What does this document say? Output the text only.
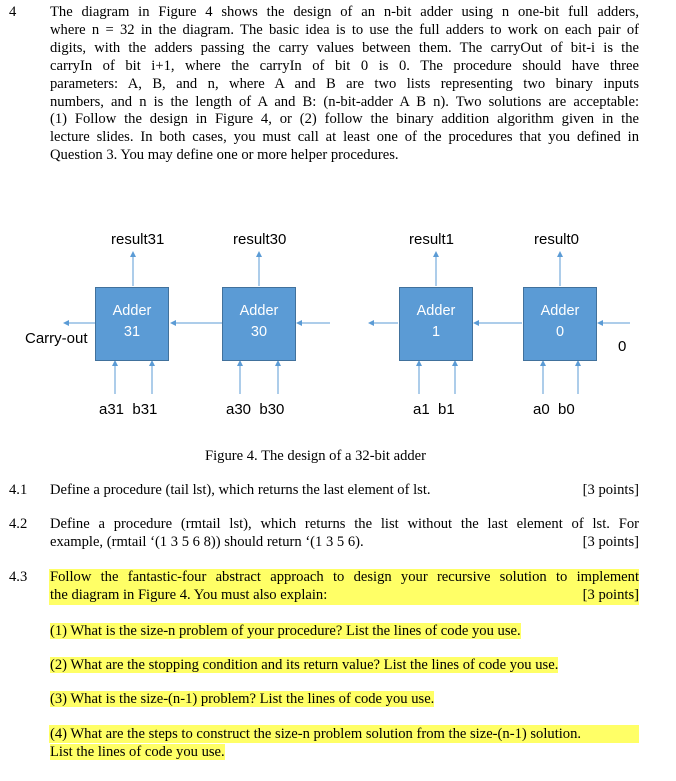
4 The diagram in Figure 4 shows the design of an n-bit adder using n one-bit full adders,
where n = 32 in the diagram. The basic idea is to use the full adders to work on each pair of
digits, with the adders passing the carry values between them. The carryOut of bit-i is the
carryIn of bit i+1, where the carryIn of bit 0 is 0. The procedure should have three
parameters: A, B, and n, where A and B are two lists representing two binary inputs
numbers, and n is the length of A and B: (n-bit-adder A B n). Two solutions are acceptable:
(1) Follow the design in Figure 4, or (2) follow the binary addition algorithm given in the
lecture slides. In both cases, you must call at least one of the procedures that you defined in
Question 3. You may define one or more helper procedures.
result31	result30	result1	result0
Adder
31
Adder
30
Adder
1
Adder
0
Carry-out	0
a31  b31	a30  b30	a1  b1	a0  b0
Figure 4. The design of a 32-bit adder
4.1 Define a procedure (tail lst), which returns the last element of lst.	[3 points]
4.2 Define a procedure (rmtail lst), which returns the list without the last element of lst. For
example, (rmtail ‘(1 3 5 6 8)) should return ‘(1 3 5 6).	[3 points]
4.3 Follow the fantastic-four abstract approach to design your recursive solution to implement
the diagram in Figure 4. You must also explain:	[3 points]
(1) What is the size-n problem of your procedure? List the lines of code you use.
(2) What are the stopping condition and its return value? List the lines of code you use.
(3) What is the size-(n-1) problem? List the lines of code you use.
(4) What are the steps to construct the size-n problem solution from the size-(n-1) solution.
List the lines of code you use.
